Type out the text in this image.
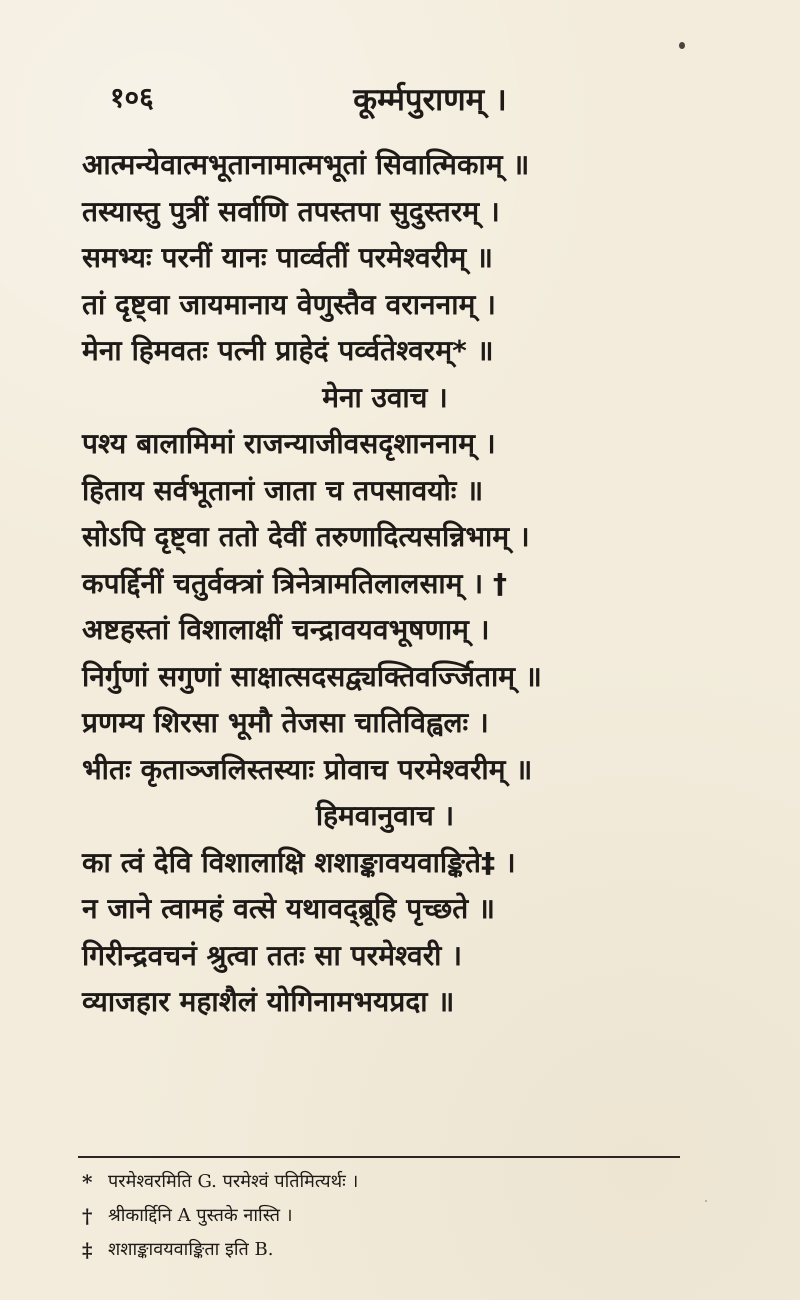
१०६	कूर्म्मपुराणम् ।
आत्मन्येवात्मभूतानामात्मभूतां सिवात्मिकाम् ॥
तस्यास्तु पुत्रीं सर्वाणि तपस्तपा सुदुस्तरम् ।
समभ्यः परनीं यानः पार्व्वतीं परमेश्वरीम् ॥
तां दृष्ट्वा जायमानाय वेणुस्तैव वराननाम् ।
मेना हिमवतः पत्नी प्राहेदं पर्व्वतेश्वरम्* ॥
मेना उवाच ।
पश्य बालामिमां राजन्याजीवसदृशाननाम् ।
हिताय सर्वभूतानां जाता च तपसावयोः ॥
सोऽपि दृष्ट्वा ततो देवीं तरुणादित्यसन्निभाम् ।
कपर्द्दिनीं चतुर्वक्त्रां त्रिनेत्रामतिलालसाम् । †
अष्टहस्तां विशालाक्षीं चन्द्रावयवभूषणाम् ।
निर्गुणां सगुणां साक्षात्सदसद्व्यक्तिवर्ज्जिताम् ॥
प्रणम्य शिरसा भूमौ तेजसा चातिविह्वलः ।
भीतः कृताञ्जलिस्तस्याः प्रोवाच परमेश्वरीम् ॥
हिमवानुवाच ।
का त्वं देवि विशालाक्षि शशाङ्कावयवाङ्किते‡ ।
न जाने त्वामहं वत्से यथावद्ब्रूहि पृच्छते ॥
गिरीन्द्रवचनं श्रुत्वा ततः सा परमेश्वरी ।
व्याजहार महाशैलं योगिनामभयप्रदा ॥
* परमेश्वरमिति G. परमेश्वं पतिमित्यर्थः ।
† श्रीकार्द्दिनि A पुस्तके नास्ति ।
‡ शशाङ्कावयवाङ्किता इति B.
